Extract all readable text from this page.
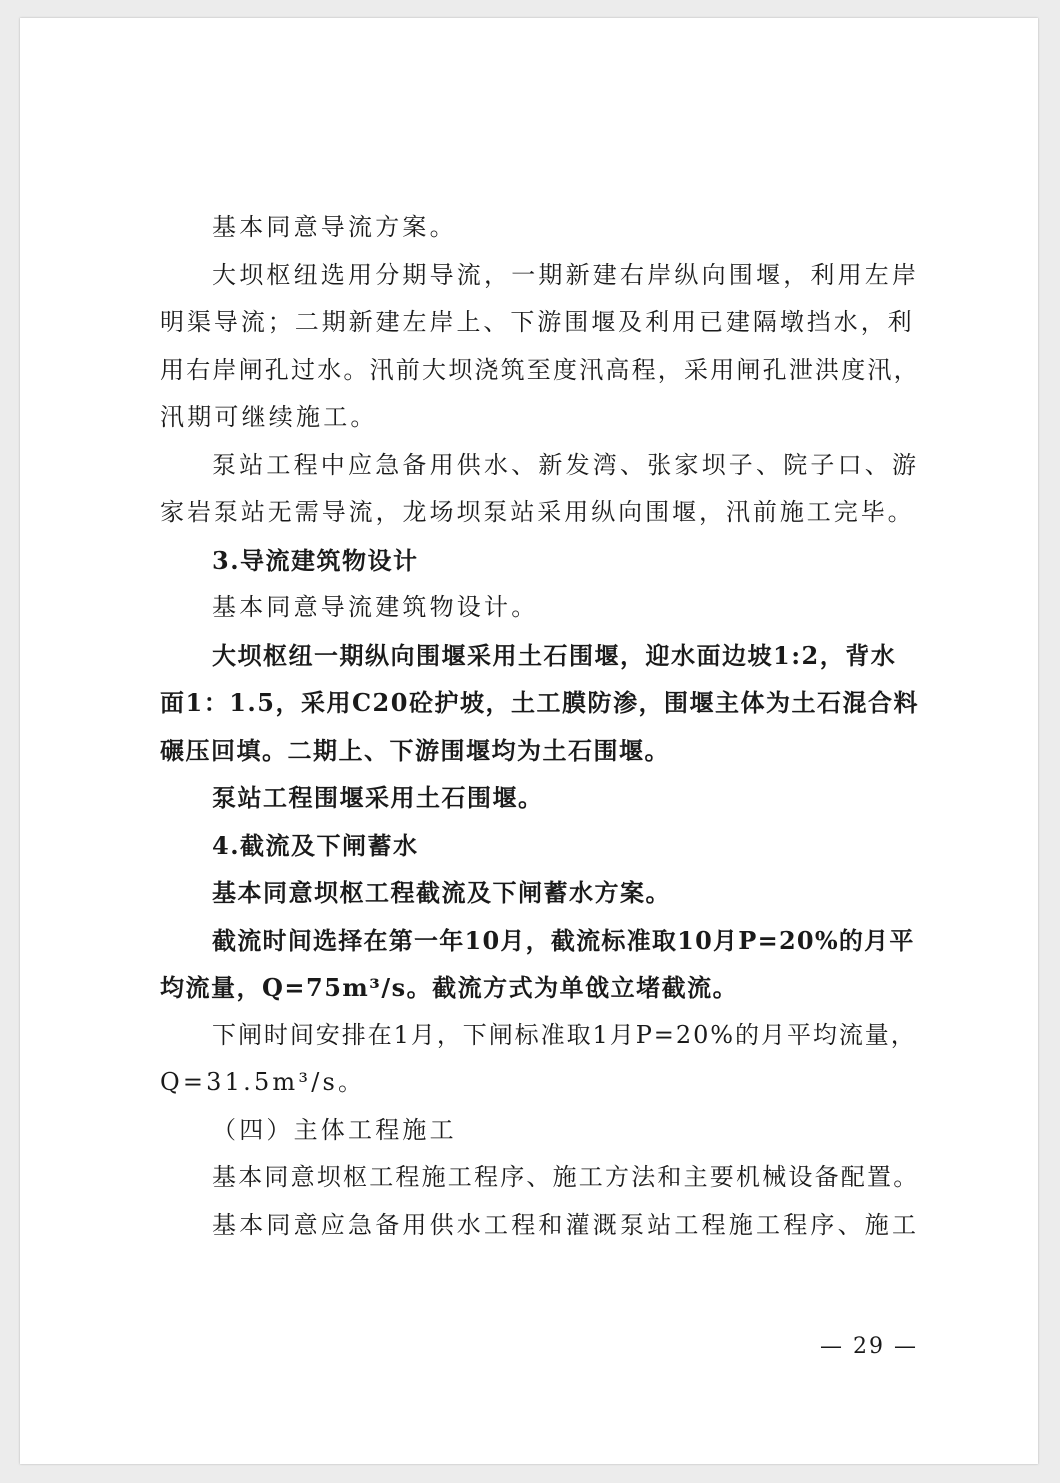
基本同意导流方案。
大坝枢纽选用分期导流，一期新建右岸纵向围堰，利用左岸
明渠导流；二期新建左岸上、下游围堰及利用已建隔墩挡水，利
用右岸闸孔过水。汛前大坝浇筑至度汛高程，采用闸孔泄洪度汛，
汛期可继续施工。
泵站工程中应急备用供水、新发湾、张家坝子、院子口、游
家岩泵站无需导流，龙场坝泵站采用纵向围堰，汛前施工完毕。
3.导流建筑物设计
基本同意导流建筑物设计。
大坝枢纽一期纵向围堰采用土石围堰，迎水面边坡1:2，背水
面1：1.5，采用C20砼护坡，土工膜防渗，围堰主体为土石混合料
碾压回填。二期上、下游围堰均为土石围堰。
泵站工程围堰采用土石围堰。
4.截流及下闸蓄水
基本同意坝枢工程截流及下闸蓄水方案。
截流时间选择在第一年10月，截流标准取10月P=20%的月平
均流量，Q=75m³/s。截流方式为单戗立堵截流。
下闸时间安排在1月，下闸标准取1月P=20%的月平均流量，
Q=31.5m³/s。
（四）主体工程施工
基本同意坝枢工程施工程序、施工方法和主要机械设备配置。
基本同意应急备用供水工程和灌溉泵站工程施工程序、施工
— 29 —
